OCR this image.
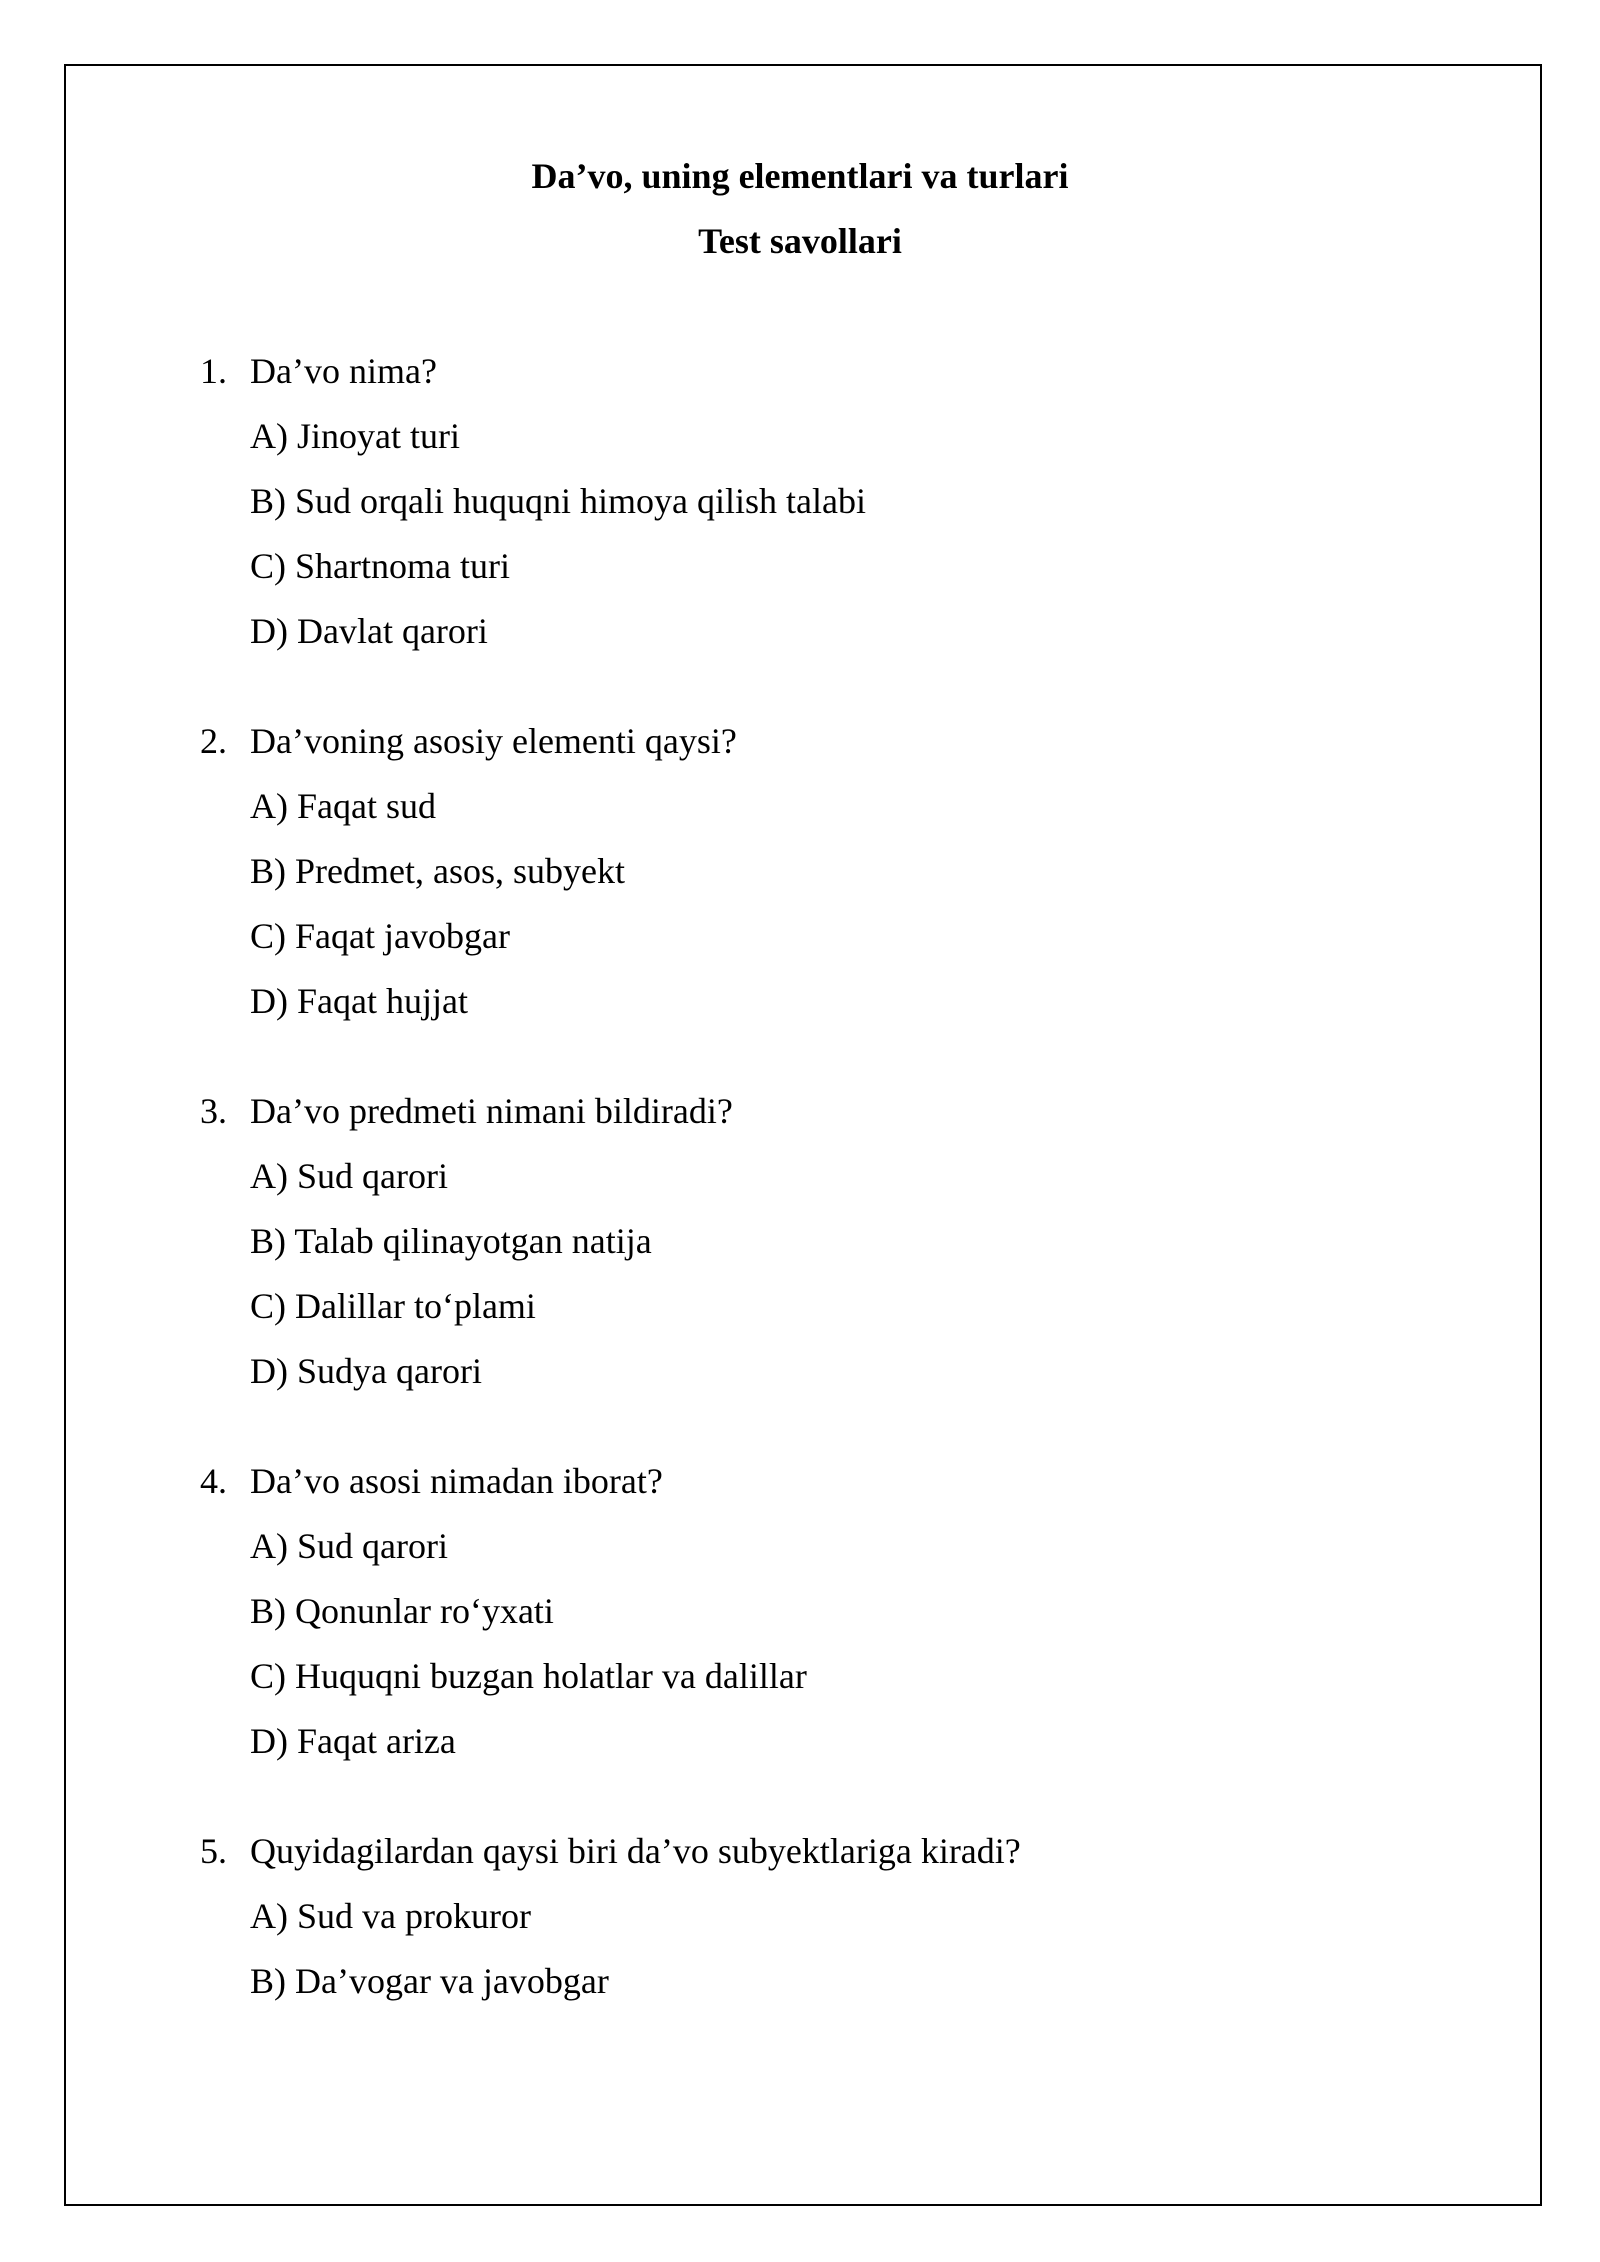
Da’vo, uning elementlari va turlari
Test savollari
1. Da’vo nima?
A) Jinoyat turi
B) Sud orqali huquqni himoya qilish talabi
C) Shartnoma turi
D) Davlat qarori
2. Da’voning asosiy elementi qaysi?
A) Faqat sud
B) Predmet, asos, subyekt
C) Faqat javobgar
D) Faqat hujjat
3. Da’vo predmeti nimani bildiradi?
A) Sud qarori
B) Talab qilinayotgan natija
C) Dalillar to‘plami
D) Sudya qarori
4. Da’vo asosi nimadan iborat?
A) Sud qarori
B) Qonunlar ro‘yxati
C) Huquqni buzgan holatlar va dalillar
D) Faqat ariza
5. Quyidagilardan qaysi biri da’vo subyektlariga kiradi?
A) Sud va prokuror
B) Da’vogar va javobgar
